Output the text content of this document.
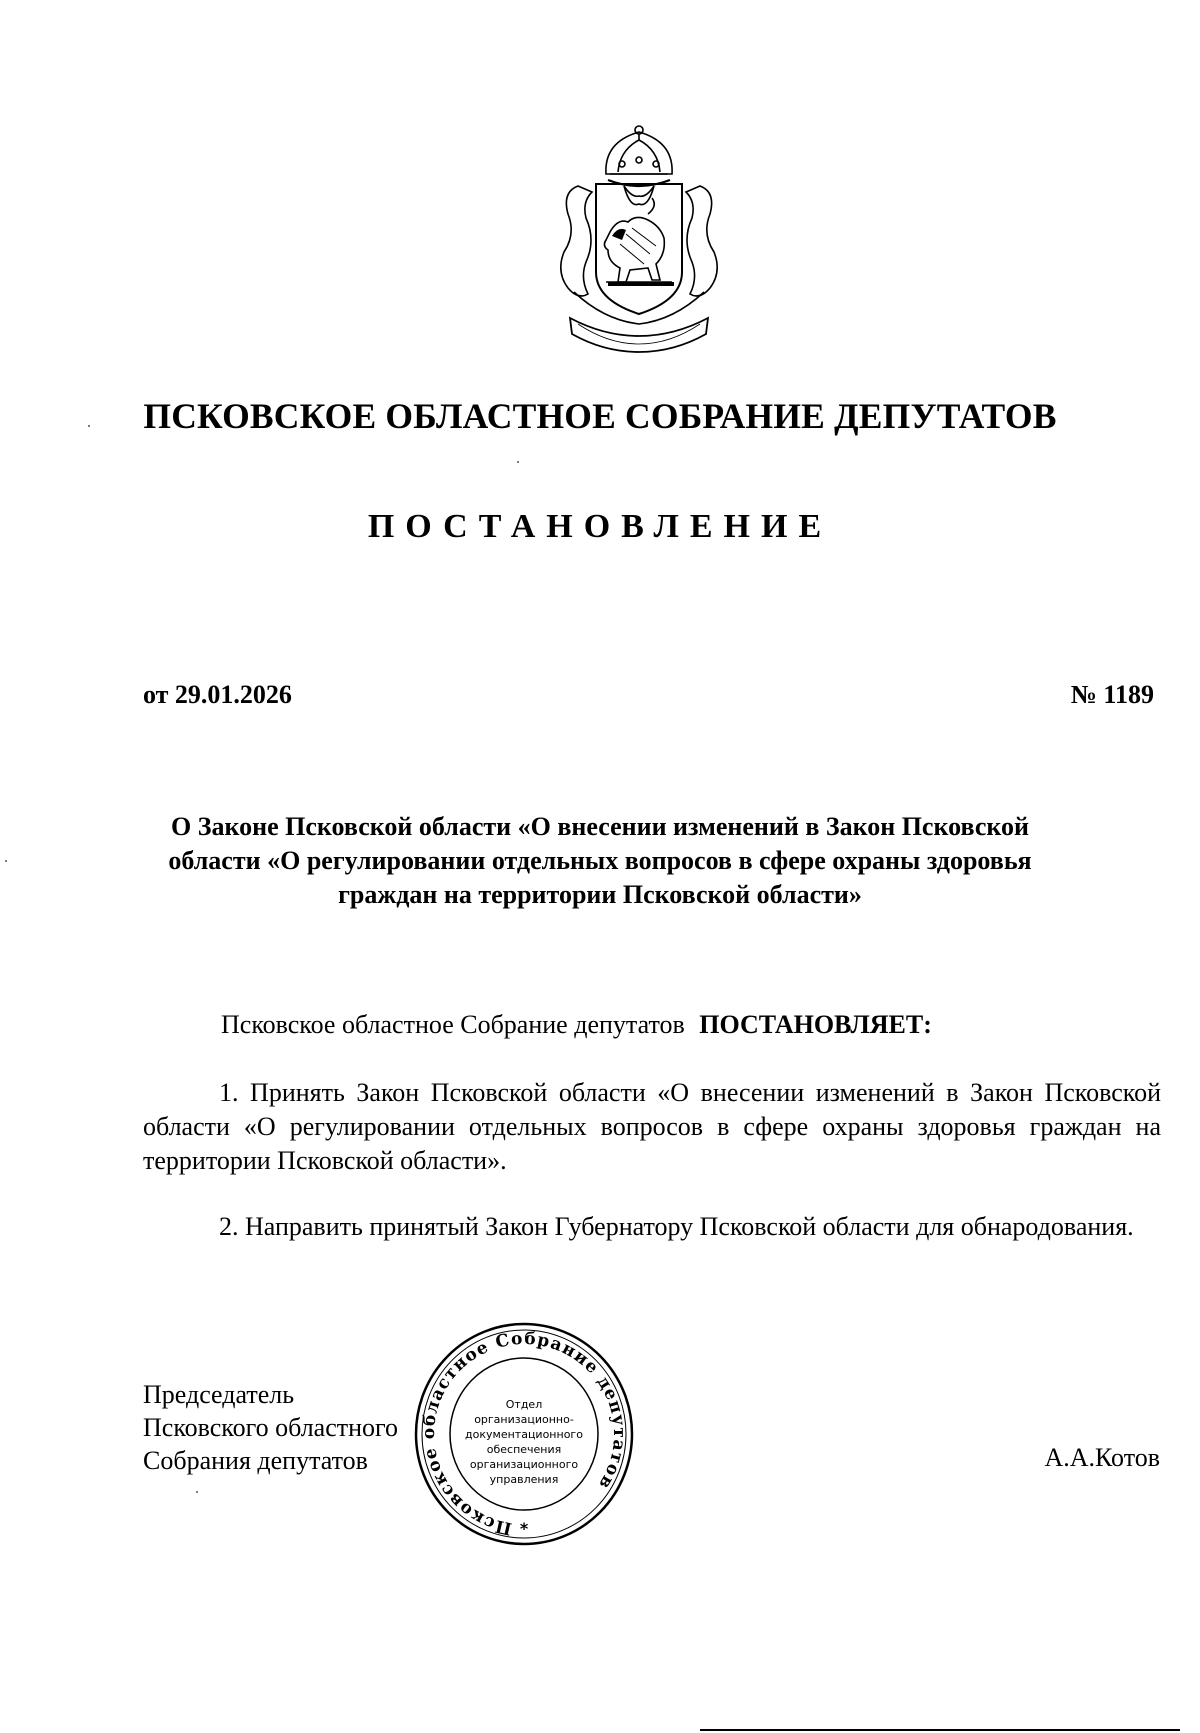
ПСКОВСКОЕ ОБЛАСТНОЕ СОБРАНИЕ ДЕПУТАТОВ
ПОСТАНОВЛЕНИЕ
от 29.01.2026	№ 1189
О Законе Псковской области «О внесении изменений в Закон Псковской области «О регулировании отдельных вопросов в сфере охраны здоровья граждан на территории Псковской области»
Псковское областное Собрание депутатов ПОСТАНОВЛЯЕТ:
1. Принять Закон Псковской области «О внесении изменений в Закон Псковской области «О регулировании отдельных вопросов в сфере охраны здоровья граждан на территории Псковской области».
2. Направить принятый Закон Губернатору Псковской области для обнародования.
Председатель
Псковского областного
Собрания депутатов	А.А.Котов
Псковское областное Собрание депутатов
*
Отдел
организационно-
документационного
обеспечения
организационного
управления
